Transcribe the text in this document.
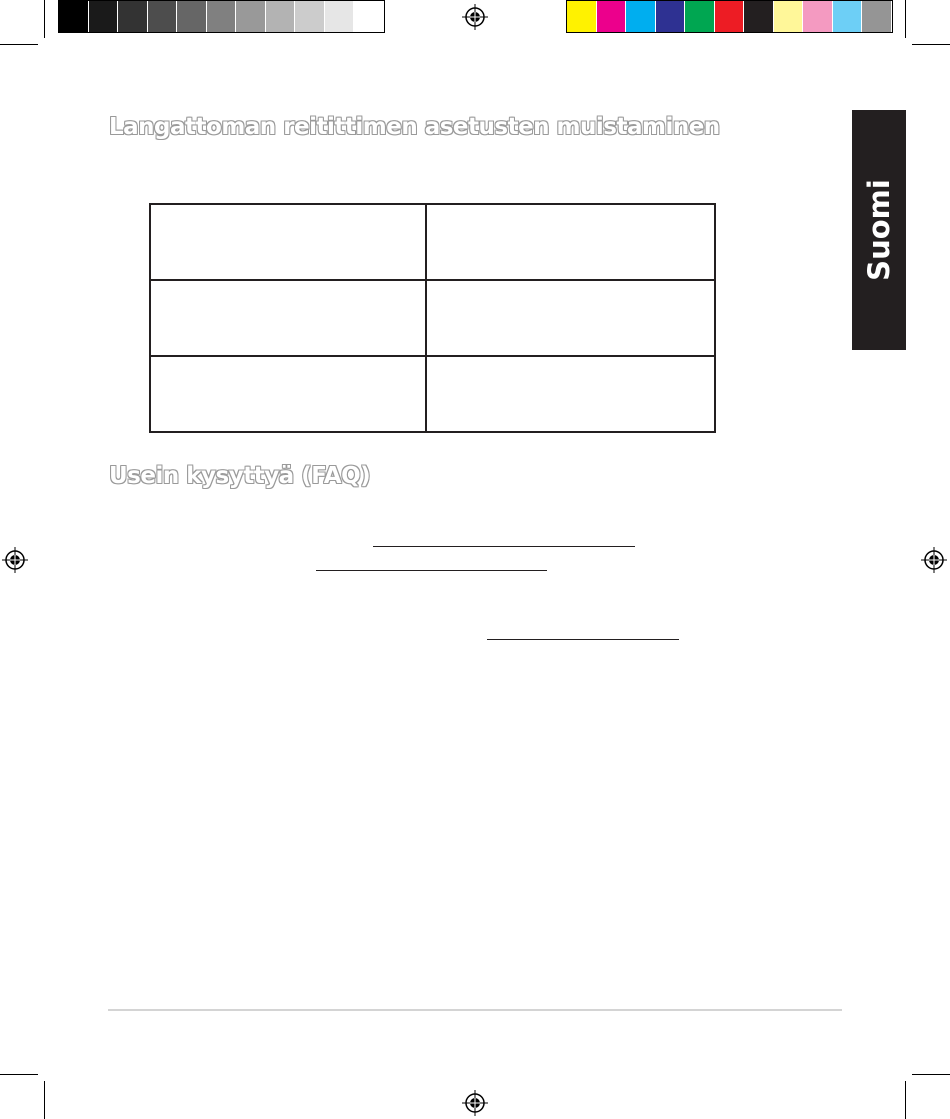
Langattoman reitittimen asetusten muistaminen
Usein kysyttyä (FAQ)
Suomi
